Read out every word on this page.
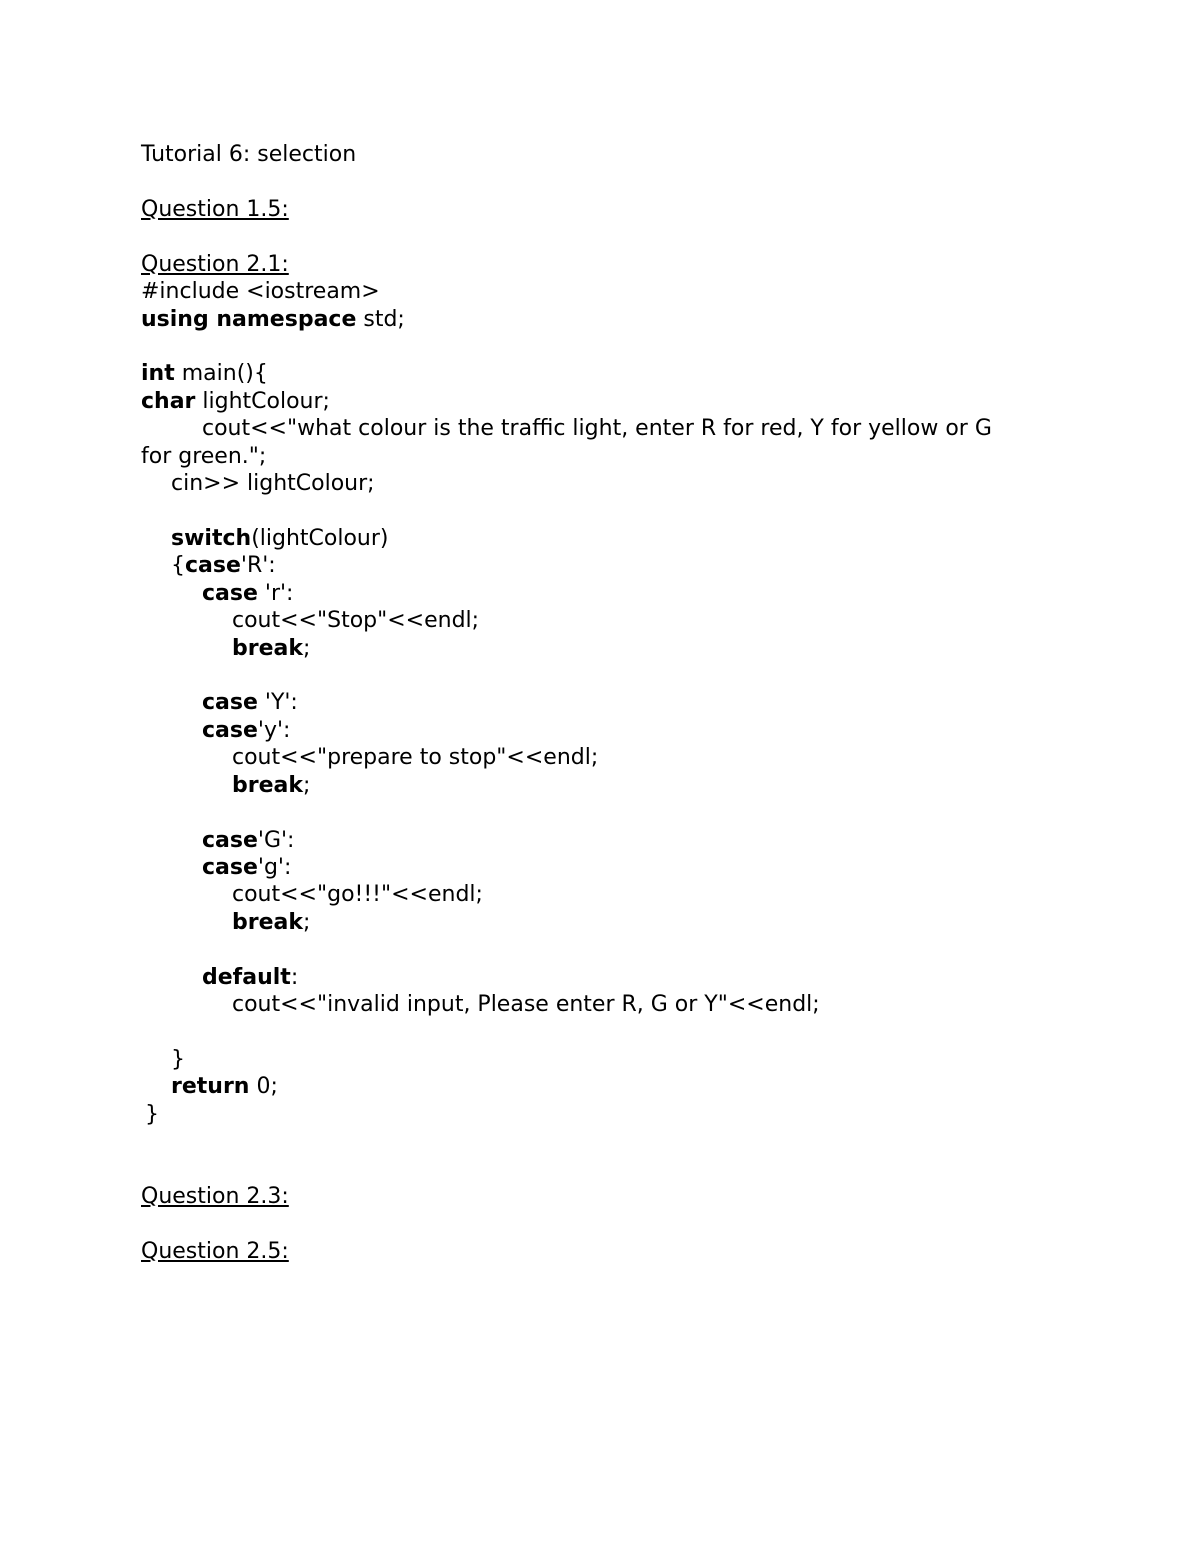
Tutorial 6: selection
Question 1.5:
Question 2.1:
#include <iostream>
using namespace std;
int main(){
char lightColour;
cout<<"what colour is the traffic light, enter R for red, Y for yellow or G
for green.";
cin>> lightColour;
switch(lightColour)
{case'R':
case 'r':
cout<<"Stop"<<endl;
break;
case 'Y':
case'y':
cout<<"prepare to stop"<<endl;
break;
case'G':
case'g':
cout<<"go!!!"<<endl;
break;
default:
cout<<"invalid input, Please enter R, G or Y"<<endl;
}
return 0;
}
Question 2.3:
Question 2.5:
